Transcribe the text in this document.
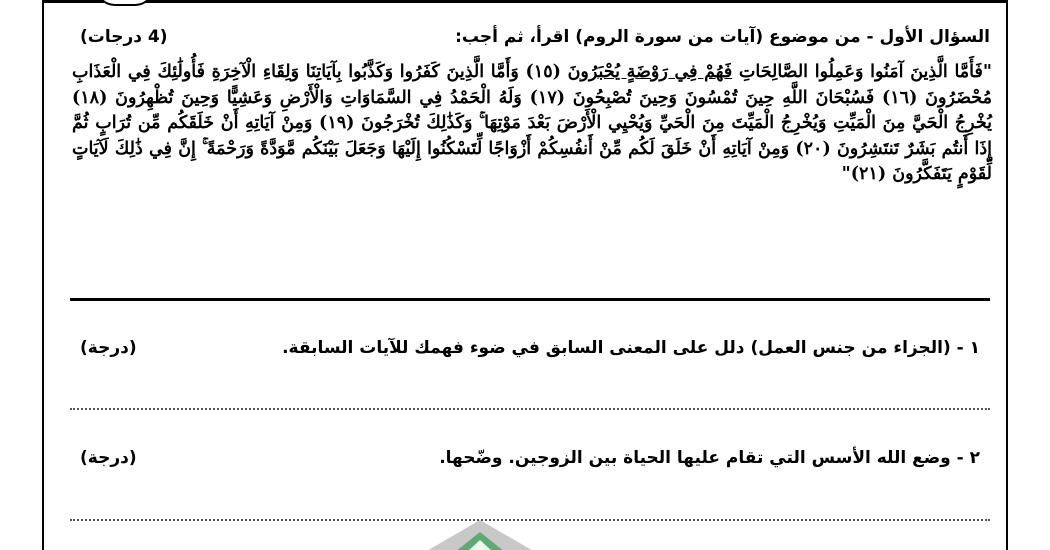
السؤال الأول - من موضوع (آيات من سورة الروم) اقرأ، ثم أجب:
(4 درجات)
"فَأَمَّا الَّذِينَ آمَنُوا وَعَمِلُوا الصَّالِحَاتِ فَهُمْ فِي رَوْضَةٍ يُحْبَرُونَ (١٥) وَأَمَّا الَّذِينَ كَفَرُوا وَكَذَّبُوا بِآيَاتِنَا وَلِقَاءِ الْآخِرَةِ فَأُولَٰئِكَ فِي الْعَذَابِ مُحْضَرُونَ (١٦) فَسُبْحَانَ اللَّهِ حِينَ تُمْسُونَ وَحِينَ تُصْبِحُونَ (١٧) وَلَهُ الْحَمْدُ فِي السَّمَاوَاتِ وَالْأَرْضِ وَعَشِيًّا وَحِينَ تُظْهِرُونَ (١٨) يُخْرِجُ الْحَيَّ مِنَ الْمَيِّتِ وَيُخْرِجُ الْمَيِّتَ مِنَ الْحَيِّ وَيُحْيِي الْأَرْضَ بَعْدَ مَوْتِهَا ۚ وَكَذَٰلِكَ تُخْرَجُونَ (١٩) وَمِنْ آيَاتِهِ أَنْ خَلَقَكُم مِّن تُرَابٍ ثُمَّ إِذَا أَنتُم بَشَرٌ تَنتَشِرُونَ (٢٠) وَمِنْ آيَاتِهِ أَنْ خَلَقَ لَكُم مِّنْ أَنفُسِكُمْ أَزْوَاجًا لِّتَسْكُنُوا إِلَيْهَا وَجَعَلَ بَيْنَكُم مَّوَدَّةً وَرَحْمَةً ۚ إِنَّ فِي ذَٰلِكَ لَآيَاتٍ لِّقَوْمٍ يَتَفَكَّرُونَ (٢١)"
١ - (الجزاء من جنس العمل) دلل على المعنى السابق في ضوء فهمك للآيات السابقة.
(درجة)
٢ - وضع الله الأسس التي تقام عليها الحياة بين الزوجين. وضّحها.
(درجة)
